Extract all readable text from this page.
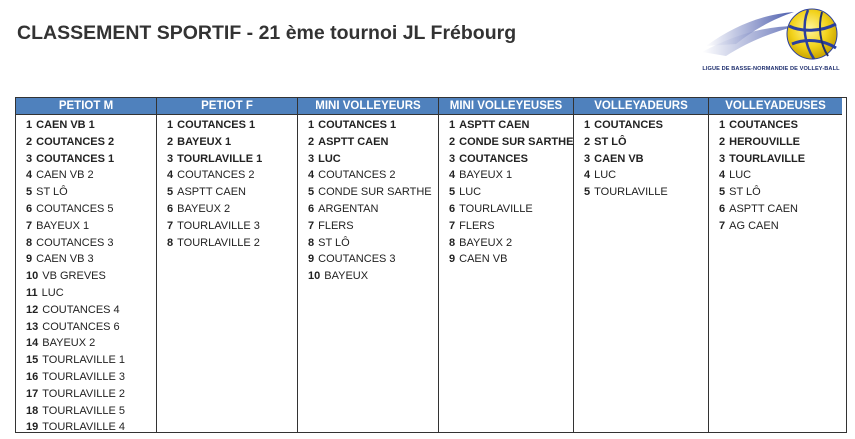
CLASSEMENT SPORTIF - 21 ème tournoi JL Frébourg
LIGUE DE BASSE-NORMANDIE DE VOLLEY-BALL
PETIOT M
1 CAEN VB 1
2 COUTANCES 2
3 COUTANCES 1
4 CAEN VB 2
5 ST LÔ
6 COUTANCES 5
7 BAYEUX 1
8 COUTANCES 3
9 CAEN VB 3
10 VB GREVES
11 LUC
12 COUTANCES 4
13 COUTANCES 6
14 BAYEUX 2
15 TOURLAVILLE 1
16 TOURLAVILLE 3
17 TOURLAVILLE 2
18 TOURLAVILLE 5
19 TOURLAVILLE 4
PETIOT F
1 COUTANCES 1
2 BAYEUX 1
3 TOURLAVILLE 1
4 COUTANCES 2
5 ASPTT CAEN
6 BAYEUX 2
7 TOURLAVILLE 3
8 TOURLAVILLE 2
MINI VOLLEYEURS
1 COUTANCES 1
2 ASPTT CAEN
3 LUC
4 COUTANCES 2
5 CONDE SUR SARTHE
6 ARGENTAN
7 FLERS
8 ST LÔ
9 COUTANCES 3
10 BAYEUX
MINI VOLLEYEUSES
1 ASPTT CAEN
2 CONDE SUR SARTHE
3 COUTANCES
4 BAYEUX 1
5 LUC
6 TOURLAVILLE
7 FLERS
8 BAYEUX 2
9 CAEN VB
VOLLEYADEURS
1 COUTANCES
2 ST LÔ
3 CAEN VB
4 LUC
5 TOURLAVILLE
VOLLEYADEUSES
1 COUTANCES
2 HEROUVILLE
3 TOURLAVILLE
4 LUC
5 ST LÔ
6 ASPTT CAEN
7 AG CAEN
